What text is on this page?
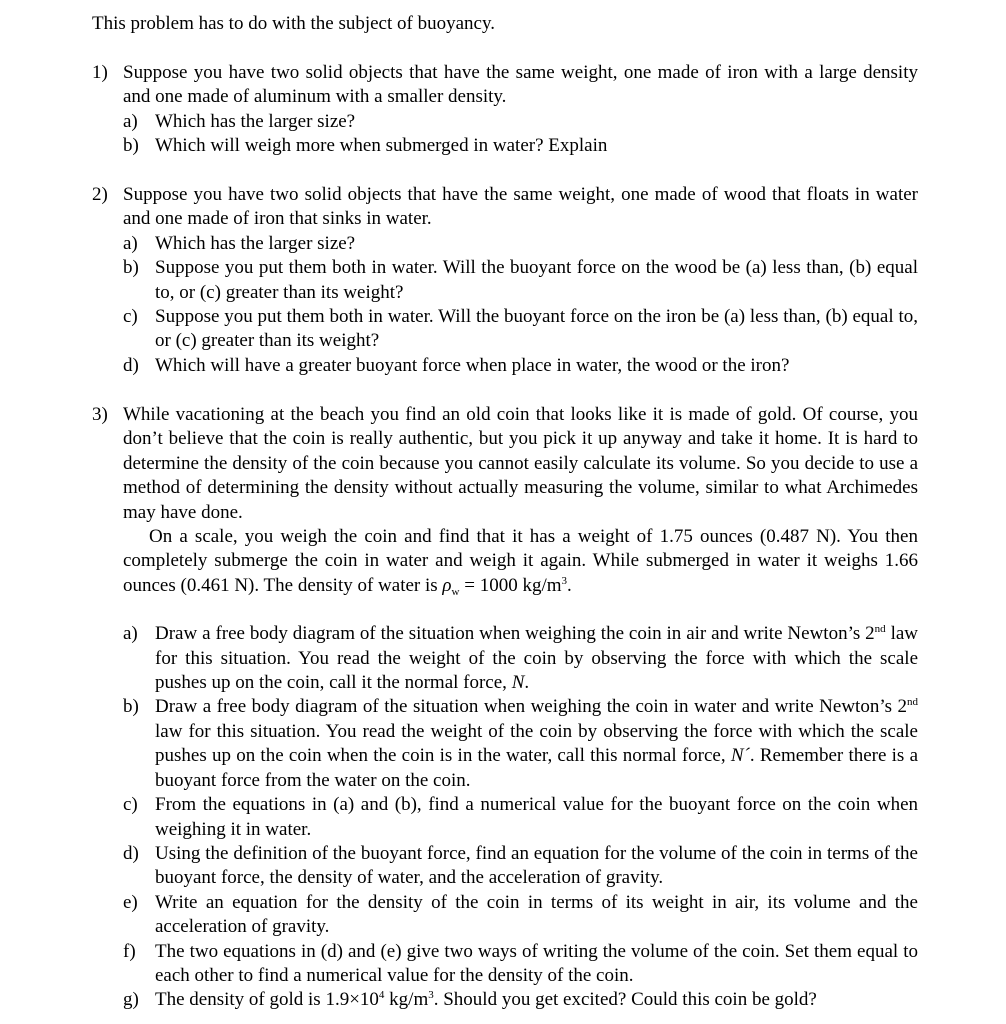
This problem has to do with the subject of buoyancy.

1) Suppose you have two solid objects that have the same weight, one made of iron with a large density and one made of aluminum with a smaller density.
a) Which has the larger size?
b) Which will weigh more when submerged in water? Explain
2) Suppose you have two solid objects that have the same weight, one made of wood that floats in water and one made of iron that sinks in water.
a) Which has the larger size?
b) Suppose you put them both in water. Will the buoyant force on the wood be (a) less than, (b) equal to, or (c) greater than its weight?
c) Suppose you put them both in water. Will the buoyant force on the iron be (a) less than, (b) equal to, or (c) greater than its weight?
d) Which will have a greater buoyant force when place in water, the wood or the iron?
3) While vacationing at the beach you find an old coin that looks like it is made of gold. Of course, you don’t believe that the coin is really authentic, but you pick it up anyway and take it home. It is hard to determine the density of the coin because you cannot easily calculate its volume. So you decide to use a method of determining the density without actually measuring the volume, similar to what Archimedes may have done.

On a scale, you weigh the coin and find that it has a weight of 1.75 ounces (0.487 N). You then completely submerge the coin in water and weigh it again. While submerged in water it weighs 1.66 ounces (0.461 N). The density of water is $\rho_w = 1000$ $kg/m^3$.

a) Draw a free body diagram of the situation when weighing the coin in air and write Newton’s 2nd law for this situation. You read the weight of the coin by observing the force with which the scale pushes up on the coin, call it the normal force, N.
b) Draw a free body diagram of the situation when weighing the coin in water and write Newton’s 2nd law for this situation. You read the weight of the coin by observing the force with which the scale pushes up on the coin when the coin is in the water, call this normal force, N´. Remember there is a buoyant force from the water on the coin.
c) From the equations in (a) and (b), find a numerical value for the buoyant force on the coin when weighing it in water.
d) Using the definition of the buoyant force, find an equation for the volume of the coin in terms of the buoyant force, the density of water, and the acceleration of gravity.
e) Write an equation for the density of the coin in terms of its weight in air, its volume and the acceleration of gravity.
f) The two equations in (d) and (e) give two ways of writing the volume of the coin. Set them equal to each other to find a numerical value for the density of the coin.
g) The density of gold is $1.9\times 10^4$ $kg/m^3$. Should you get excited? Could this coin be gold?
